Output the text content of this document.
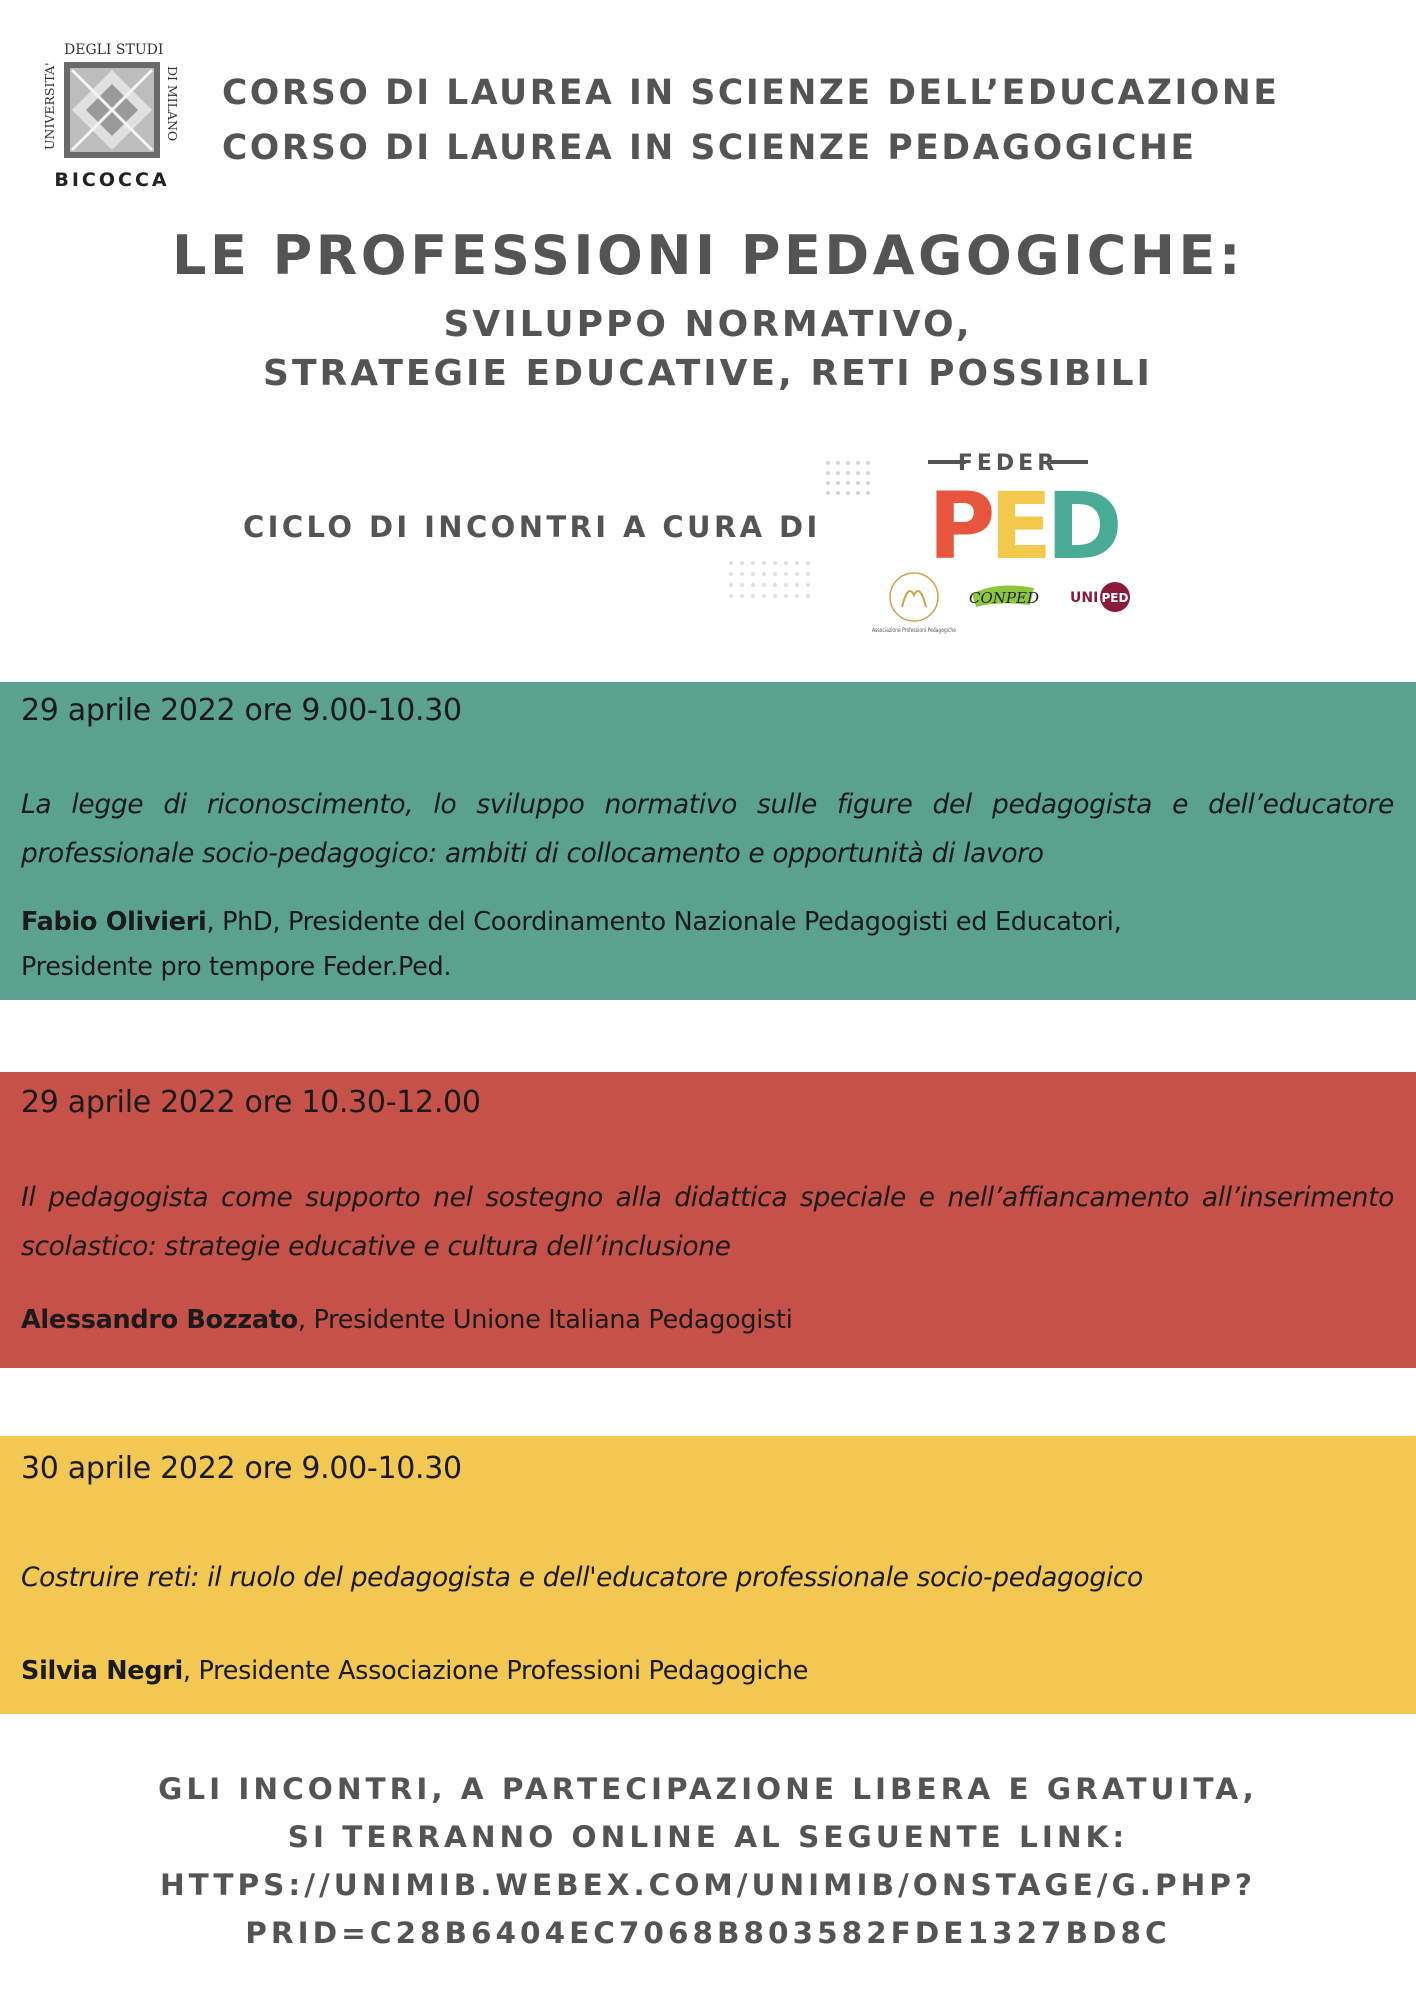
UNIVERSITA'
DEGLI STUDI
DI MILANO
BICOCCA
CORSO DI LAUREA IN SCIENZE DELL’EDUCAZIONE
CORSO DI LAUREA IN SCIENZE PEDAGOGICHE
LE PROFESSIONI PEDAGOGICHE:
SVILUPPO NORMATIVO,
STRATEGIE EDUCATIVE, RETI POSSIBILI
CICLO DI INCONTRI A CURA DI
FEDER
PED
Associazione Professioni Pedagogiche
CONPED UNI PED
29 aprile 2022 ore 9.00-10.30
La legge di riconoscimento, lo sviluppo normativo sulle figure del pedagogista e dell’educatore professionale socio-pedagogico: ambiti di collocamento e opportunità di lavoro
Fabio Olivieri, PhD, Presidente del Coordinamento Nazionale Pedagogisti ed Educatori,
Presidente pro tempore Feder.Ped.
29 aprile 2022 ore 10.30-12.00
Il pedagogista come supporto nel sostegno alla didattica speciale e nell’affiancamento all’inserimento scolastico: strategie educative e cultura dell’inclusione
Alessandro Bozzato, Presidente Unione Italiana Pedagogisti
30 aprile 2022 ore 9.00-10.30
Costruire reti: il ruolo del pedagogista e dell'educatore professionale socio-pedagogico
Silvia Negri, Presidente Associazione Professioni Pedagogiche
GLI INCONTRI, A PARTECIPAZIONE LIBERA E GRATUITA,
SI TERRANNO ONLINE AL SEGUENTE LINK:
HTTPS://UNIMIB.WEBEX.COM/UNIMIB/ONSTAGE/G.PHP?
PRID=C28B6404EC7068B803582FDE1327BD8C
